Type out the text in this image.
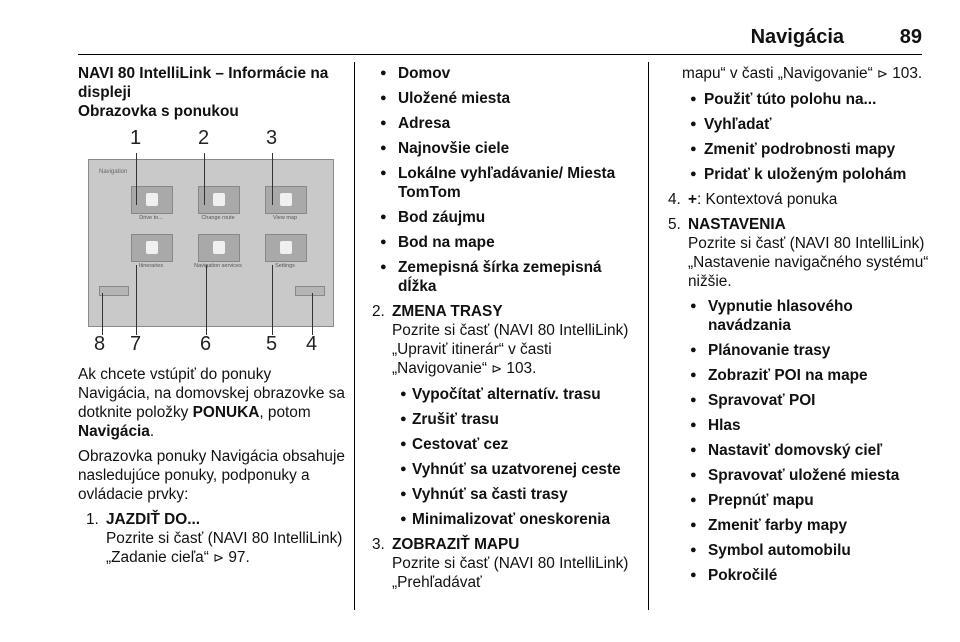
Navigácia	89

NAVI 80 IntelliLink – Informácie na displeji

Obrazovka s ponukou

1	2	3
8 7	6	5 4
Navigation
Drive to...	Change route	View map
Itineraries	Navigation services	Settings

Ak chcete vstúpiť do ponuky Navigácia, na domovskej obrazovke sa dotknite položky PONUKA, potom Navigácia.

Obrazovka ponuky Navigácia obsahuje nasledujúce ponuky, podponuky a ovládacie prvky:

1. JAZDIŤ DO...

Pozrite si časť (NAVI 80 IntelliLink) „Zadanie cieľa“ ⊳ 97.

● Domov

● Uložené miesta

● Adresa

● Najnovšie ciele

● Lokálne vyhľadávanie/ Miesta TomTom

● Bod záujmu

● Bod na mape

● Zemepisná šírka zemepisná dĺžka

2. ZMENA TRASY

Pozrite si časť (NAVI 80 IntelliLink) „Upraviť itinerár“ v časti „Navigovanie“ ⊳ 103.

● Vypočítať alternatív. trasu

● Zrušiť trasu

● Cestovať cez

● Vyhnúť sa uzatvorenej ceste

● Vyhnúť sa časti trasy

● Minimalizovať oneskorenia

3. ZOBRAZIŤ MAPU

Pozrite si časť (NAVI 80 IntelliLink) „Prehľadávať

mapu“ v časti „Navigovanie“ ⊳ 103.

● Použiť túto polohu na...

● Vyhľadať

● Zmeniť podrobnosti mapy

● Pridať k uloženým polohám

4. +: Kontextová ponuka
5. NASTAVENIA

Pozrite si časť (NAVI 80 IntelliLink) „Nastavenie navigačného systému“ nižšie.

● Vypnutie hlasového navádzania

● Plánovanie trasy

● Zobraziť POI na mape

● Spravovať POI

● Hlas

● Nastaviť domovský cieľ

● Spravovať uložené miesta

● Prepnúť mapu

● Zmeniť farby mapy

● Symbol automobilu

● Pokročilé
